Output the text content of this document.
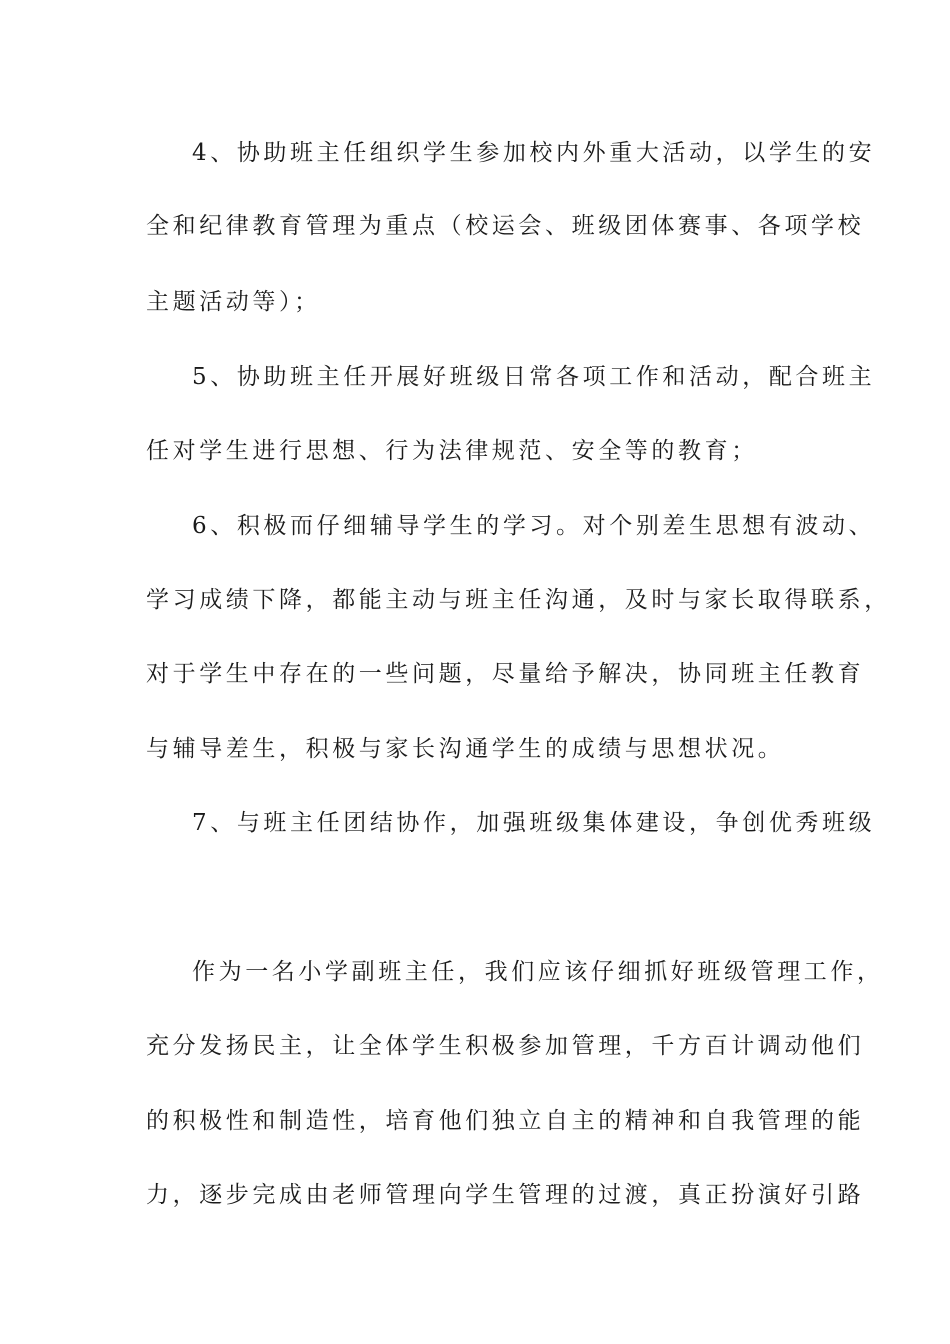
4、协助班主任组织学生参加校内外重大活动，以学生的安

全和纪律教育管理为重点（校运会、班级团体赛事、各项学校

主题活动等）；

5、协助班主任开展好班级日常各项工作和活动，配合班主

任对学生进行思想、行为法律规范、安全等的教育；

6、积极而仔细辅导学生的学习。对个别差生思想有波动、

学习成绩下降，都能主动与班主任沟通，及时与家长取得联系，

对于学生中存在的一些问题，尽量给予解决，协同班主任教育

与辅导差生，积极与家长沟通学生的成绩与思想状况。

7、与班主任团结协作，加强班级集体建设，争创优秀班级

作为一名小学副班主任，我们应该仔细抓好班级管理工作，

充分发扬民主，让全体学生积极参加管理，千方百计调动他们

的积极性和制造性，培育他们独立自主的精神和自我管理的能

力，逐步完成由老师管理向学生管理的过渡，真正扮演好引路
